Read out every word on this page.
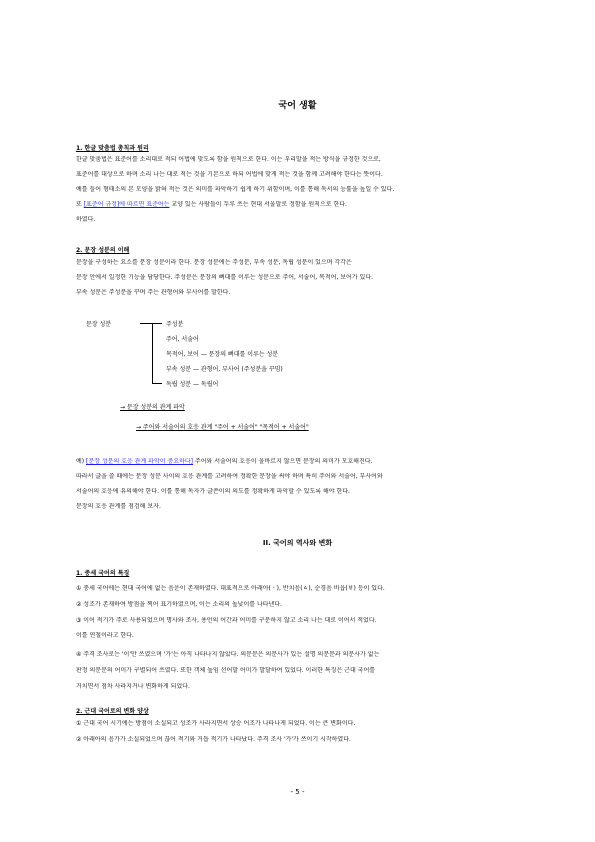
국어 생활
1. 한글 맞춤법 총칙과 원리
한글 맞춤법은 표준어를 소리대로 적되 어법에 맞도록 함을 원칙으로 한다. 이는 우리말을 적는 방식을 규정한 것으로,
표준어를 대상으로 하며 소리 나는 대로 적는 것을 기본으로 하되 어법에 맞게 적는 것을 함께 고려해야 한다는 뜻이다.
예를 들어 형태소의 본 모양을 밝혀 적는 것은 의미를 파악하기 쉽게 하기 위함이며, 이를 통해 독서의 능률을 높일 수 있다.
또 [표준어 규정]에 따르면 표준어는 교양 있는 사람들이 두루 쓰는 현대 서울말로 정함을 원칙으로 한다.
하였다.
2. 문장 성분의 이해
문장을 구성하는 요소를 문장 성분이라 한다. 문장 성분에는 주성분, 부속 성분, 독립 성분이 있으며 각각은
문장 안에서 일정한 기능을 담당한다. 주성분은 문장의 뼈대를 이루는 성분으로 주어, 서술어, 목적어, 보어가 있다.
부속 성분은 주성분을 꾸며 주는 관형어와 부사어를 말한다.
문장 성분	주성분
주어, 서술어
목적어, 보어 — 문장의 뼈대를 이루는 성분
부속 성분 — 관형어, 부사어 (주성분을 꾸밈)
독립 성분 — 독립어
→ 문장 성분의 관계 파악
→ 주어와 서술어의 호응 관계 "주어 + 서술어" "목적어 + 서술어"
예) [문장 성분의 호응 관계 파악이 중요하다] 주어와 서술어의 호응이 올바르지 않으면 문장의 의미가 모호해진다.
따라서 글을 쓸 때에는 문장 성분 사이의 호응 관계를 고려하여 정확한 문장을 써야 하며 특히 주어와 서술어, 부사어와
서술어의 호응에 유의해야 한다. 이를 통해 독자가 글쓴이의 의도를 정확하게 파악할 수 있도록 해야 한다.
문장의 호응 관계를 점검해 보자.
II. 국어의 역사와 변화
1. 중세 국어의 특징
① 중세 국어에는 현대 국어에 없는 음운이 존재하였다. 대표적으로 아래아(ㆍ), 반치음(ㅿ), 순경음 비읍(ㅸ) 등이 있다.
② 성조가 존재하여 방점을 찍어 표기하였으며, 이는 소리의 높낮이를 나타낸다.
③ 이어 적기가 주로 사용되었으며 명사와 조사, 용언의 어간과 어미를 구분하지 않고 소리 나는 대로 이어서 적었다.
이를 연철이라고 한다.
④ 주격 조사로는 '이'만 쓰였으며 '가'는 아직 나타나지 않았다. 의문문은 의문사가 있는 설명 의문문과 의문사가 없는
판정 의문문의 어미가 구별되어 쓰였다. 또한 객체 높임 선어말 어미가 발달하여 있었다. 이러한 특징은 근대 국어를
거치면서 점차 사라지거나 변화하게 되었다.
2. 근대 국어로의 변화 양상
① 근대 국어 시기에는 방점이 소실되고 성조가 사라지면서 상승 어조가 나타나게 되었다. 이는 큰 변화이다.
② 아래아의 음가가 소실되었으며 끊어 적기와 거듭 적기가 나타났다. 주격 조사 '가'가 쓰이기 시작하였다.
- 5 -
